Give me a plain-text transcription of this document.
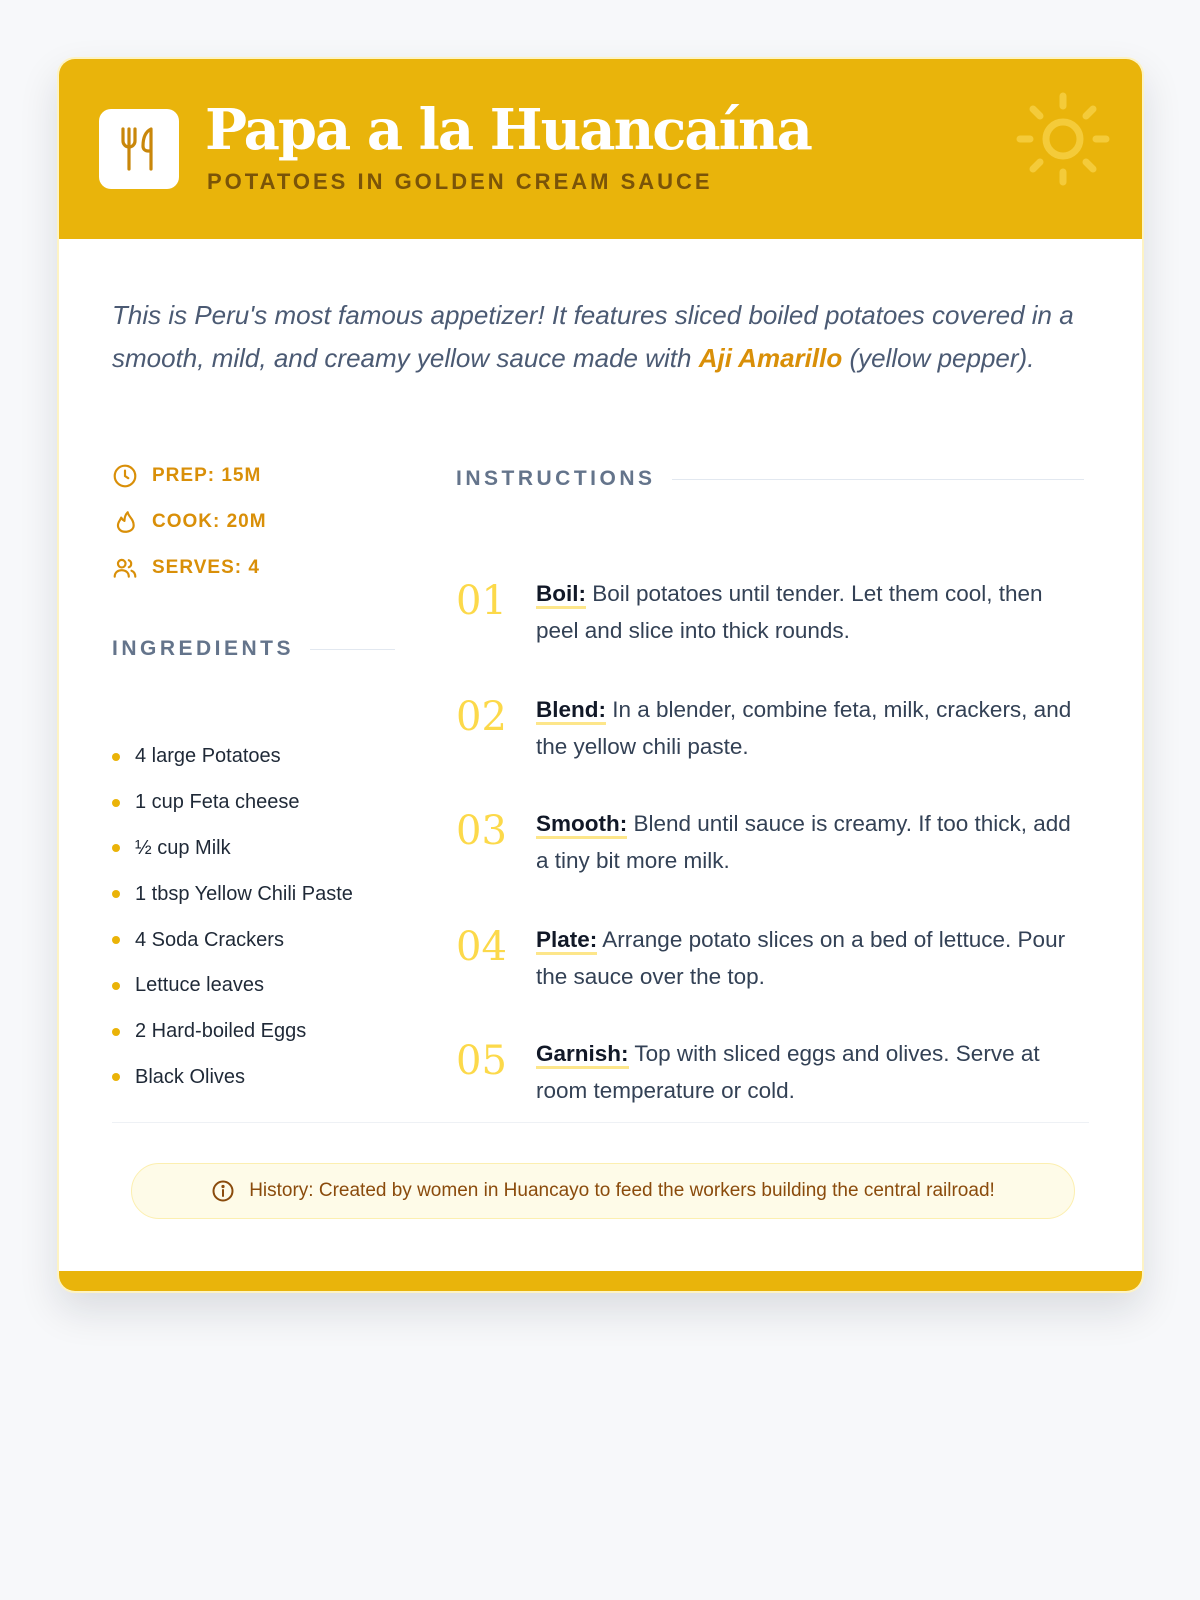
Papa a la Huancaína
POTATOES IN GOLDEN CREAM SAUCE

This is Peru's most famous appetizer! It features sliced boiled potatoes covered in a smooth, mild, and creamy yellow sauce made with Aji Amarillo (yellow pepper).

PREP: 15M
COOK: 20M
SERVES: 4
INGREDIENTS
4 large Potatoes
1 cup Feta cheese
½ cup Milk
1 tbsp Yellow Chili Paste
4 Soda Crackers
Lettuce leaves
2 Hard-boiled Eggs
Black Olives
INSTRUCTIONS
01	Boil: Boil potatoes until tender. Let them cool, then peel and slice into thick rounds.
02	Blend: In a blender, combine feta, milk, crackers, and the yellow chili paste.
03	Smooth: Blend until sauce is creamy. If too thick, add a tiny bit more milk.
04	Plate: Arrange potato slices on a bed of lettuce. Pour the sauce over the top.
05	Garnish: Top with sliced eggs and olives. Serve at room temperature or cold.
History: Created by women in Huancayo to feed the workers building the central railroad!
